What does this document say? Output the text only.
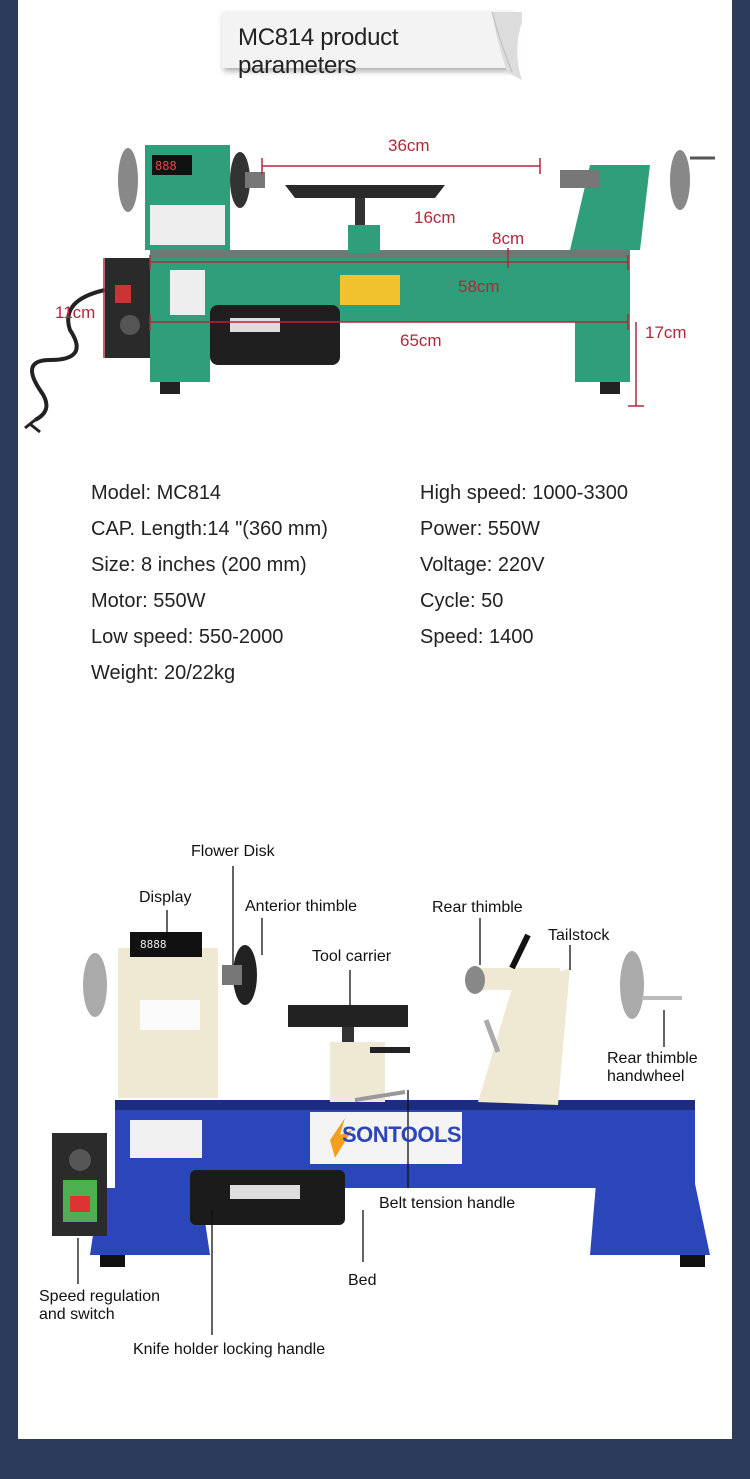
MC814 product parameters
888
36cm
16cm
8cm
58cm
11cm
65cm	17cm
Model: MC814
CAP. Length:14 "(360 mm)
Size: 8 inches (200 mm)
Motor: 550W
Low speed: 550-2000
Weight: 20/22kg
High speed: 1000-3300
Power: 550W
Voltage: 220V
Cycle: 50
Speed: 1400
8888
SONTOOLS
Flower Disk
Display
Anterior thimble	Rear thimble
Tailstock
Tool carrier
Rear thimble
handwheel
Belt tension handle
Bed
Speed regulation
and switch
Knife holder locking handle
